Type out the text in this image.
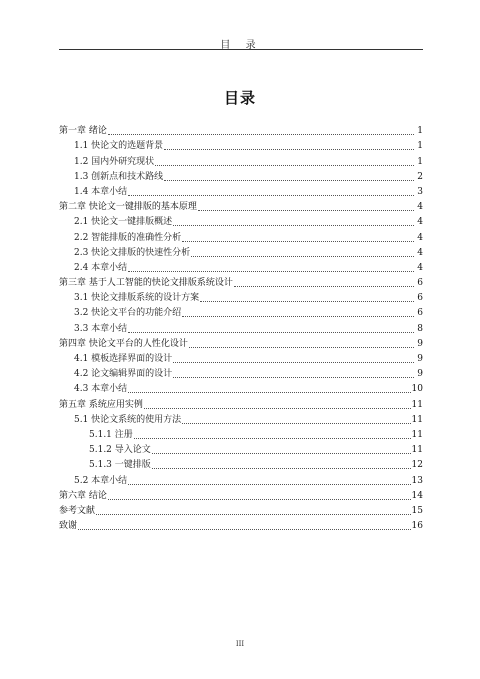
目 录
目录
第一章 绪论	1
1.1 快论文的选题背景	1
1.2 国内外研究现状	1
1.3 创新点和技术路线	2
1.4 本章小结	3
第二章 快论文一键排版的基本原理	4
2.1 快论文一键排版概述	4
2.2 智能排版的准确性分析	4
2.3 快论文排版的快速性分析	4
2.4 本章小结	4
第三章 基于人工智能的快论文排版系统设计	6
3.1 快论文排版系统的设计方案	6
3.2 快论文平台的功能介绍	6
3.3 本章小结	8
第四章 快论文平台的人性化设计	9
4.1 模板选择界面的设计	9
4.2 论文编辑界面的设计	9
4.3 本章小结	10
第五章 系统应用实例	11
5.1 快论文系统的使用方法	11
5.1.1 注册	11
5.1.2 导入论文	11
5.1.3 一键排版	12
5.2 本章小结	13
第六章 结论	14
参考文献	15
致谢	16
III
